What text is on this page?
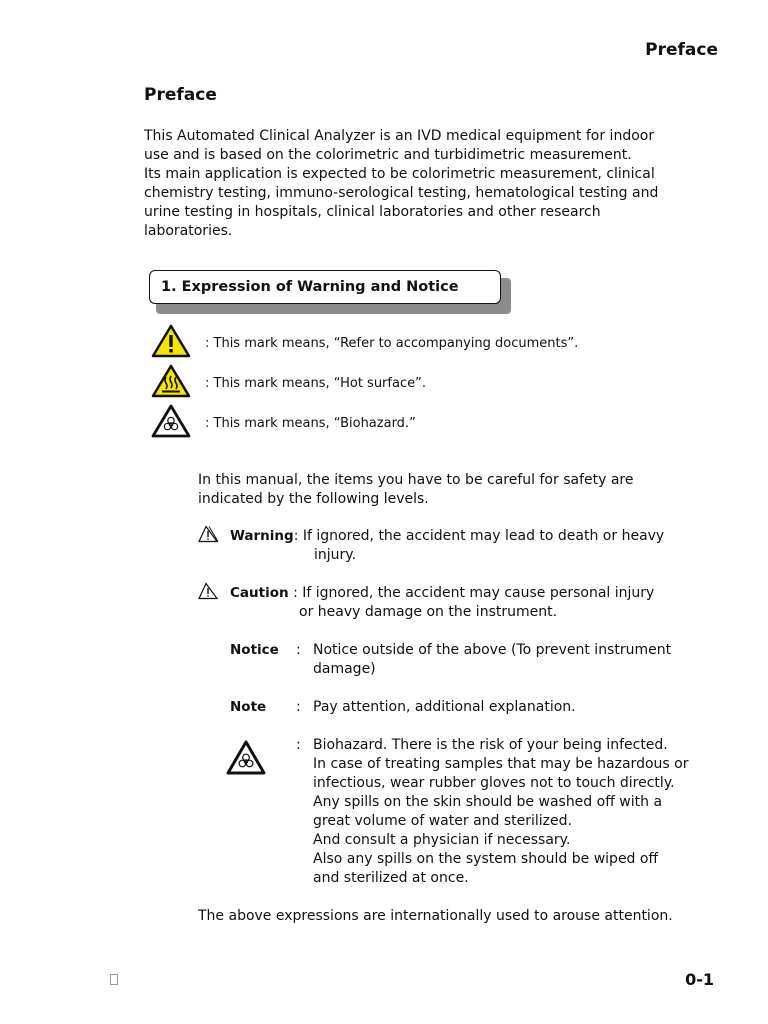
Preface
Preface

This Automated Clinical Analyzer is an IVD medical equipment for indoor

use and is based on the colorimetric and turbidimetric measurement.

Its main application is expected to be colorimetric measurement, clinical

chemistry testing, immuno-serological testing, hematological testing and

urine testing in hospitals, clinical laboratories and other research

laboratories.

1. Expression of Warning and Notice
: This mark means, “Refer to accompanying documents”.
: This mark means, “Hot surface”.
: This mark means, “Biohazard.”

In this manual, the items you have to be careful for safety are

indicated by the following levels.

Warning: If ignored, the accident may lead to death or heavy
injury.
Caution : If ignored, the accident may cause personal injury
or heavy damage on the instrument.
Notice : Notice outside of the above (To prevent instrument

damage)

Note : Pay attention, additional explanation.

: Biohazard. There is the risk of your being infected.

In case of treating samples that may be hazardous or

infectious, wear rubber gloves not to touch directly.

Any spills on the skin should be washed off with a

great volume of water and sterilized.

And consult a physician if necessary.

Also any spills on the system should be wiped off

and sterilized at once.

The above expressions are internationally used to arouse attention.
0-1
